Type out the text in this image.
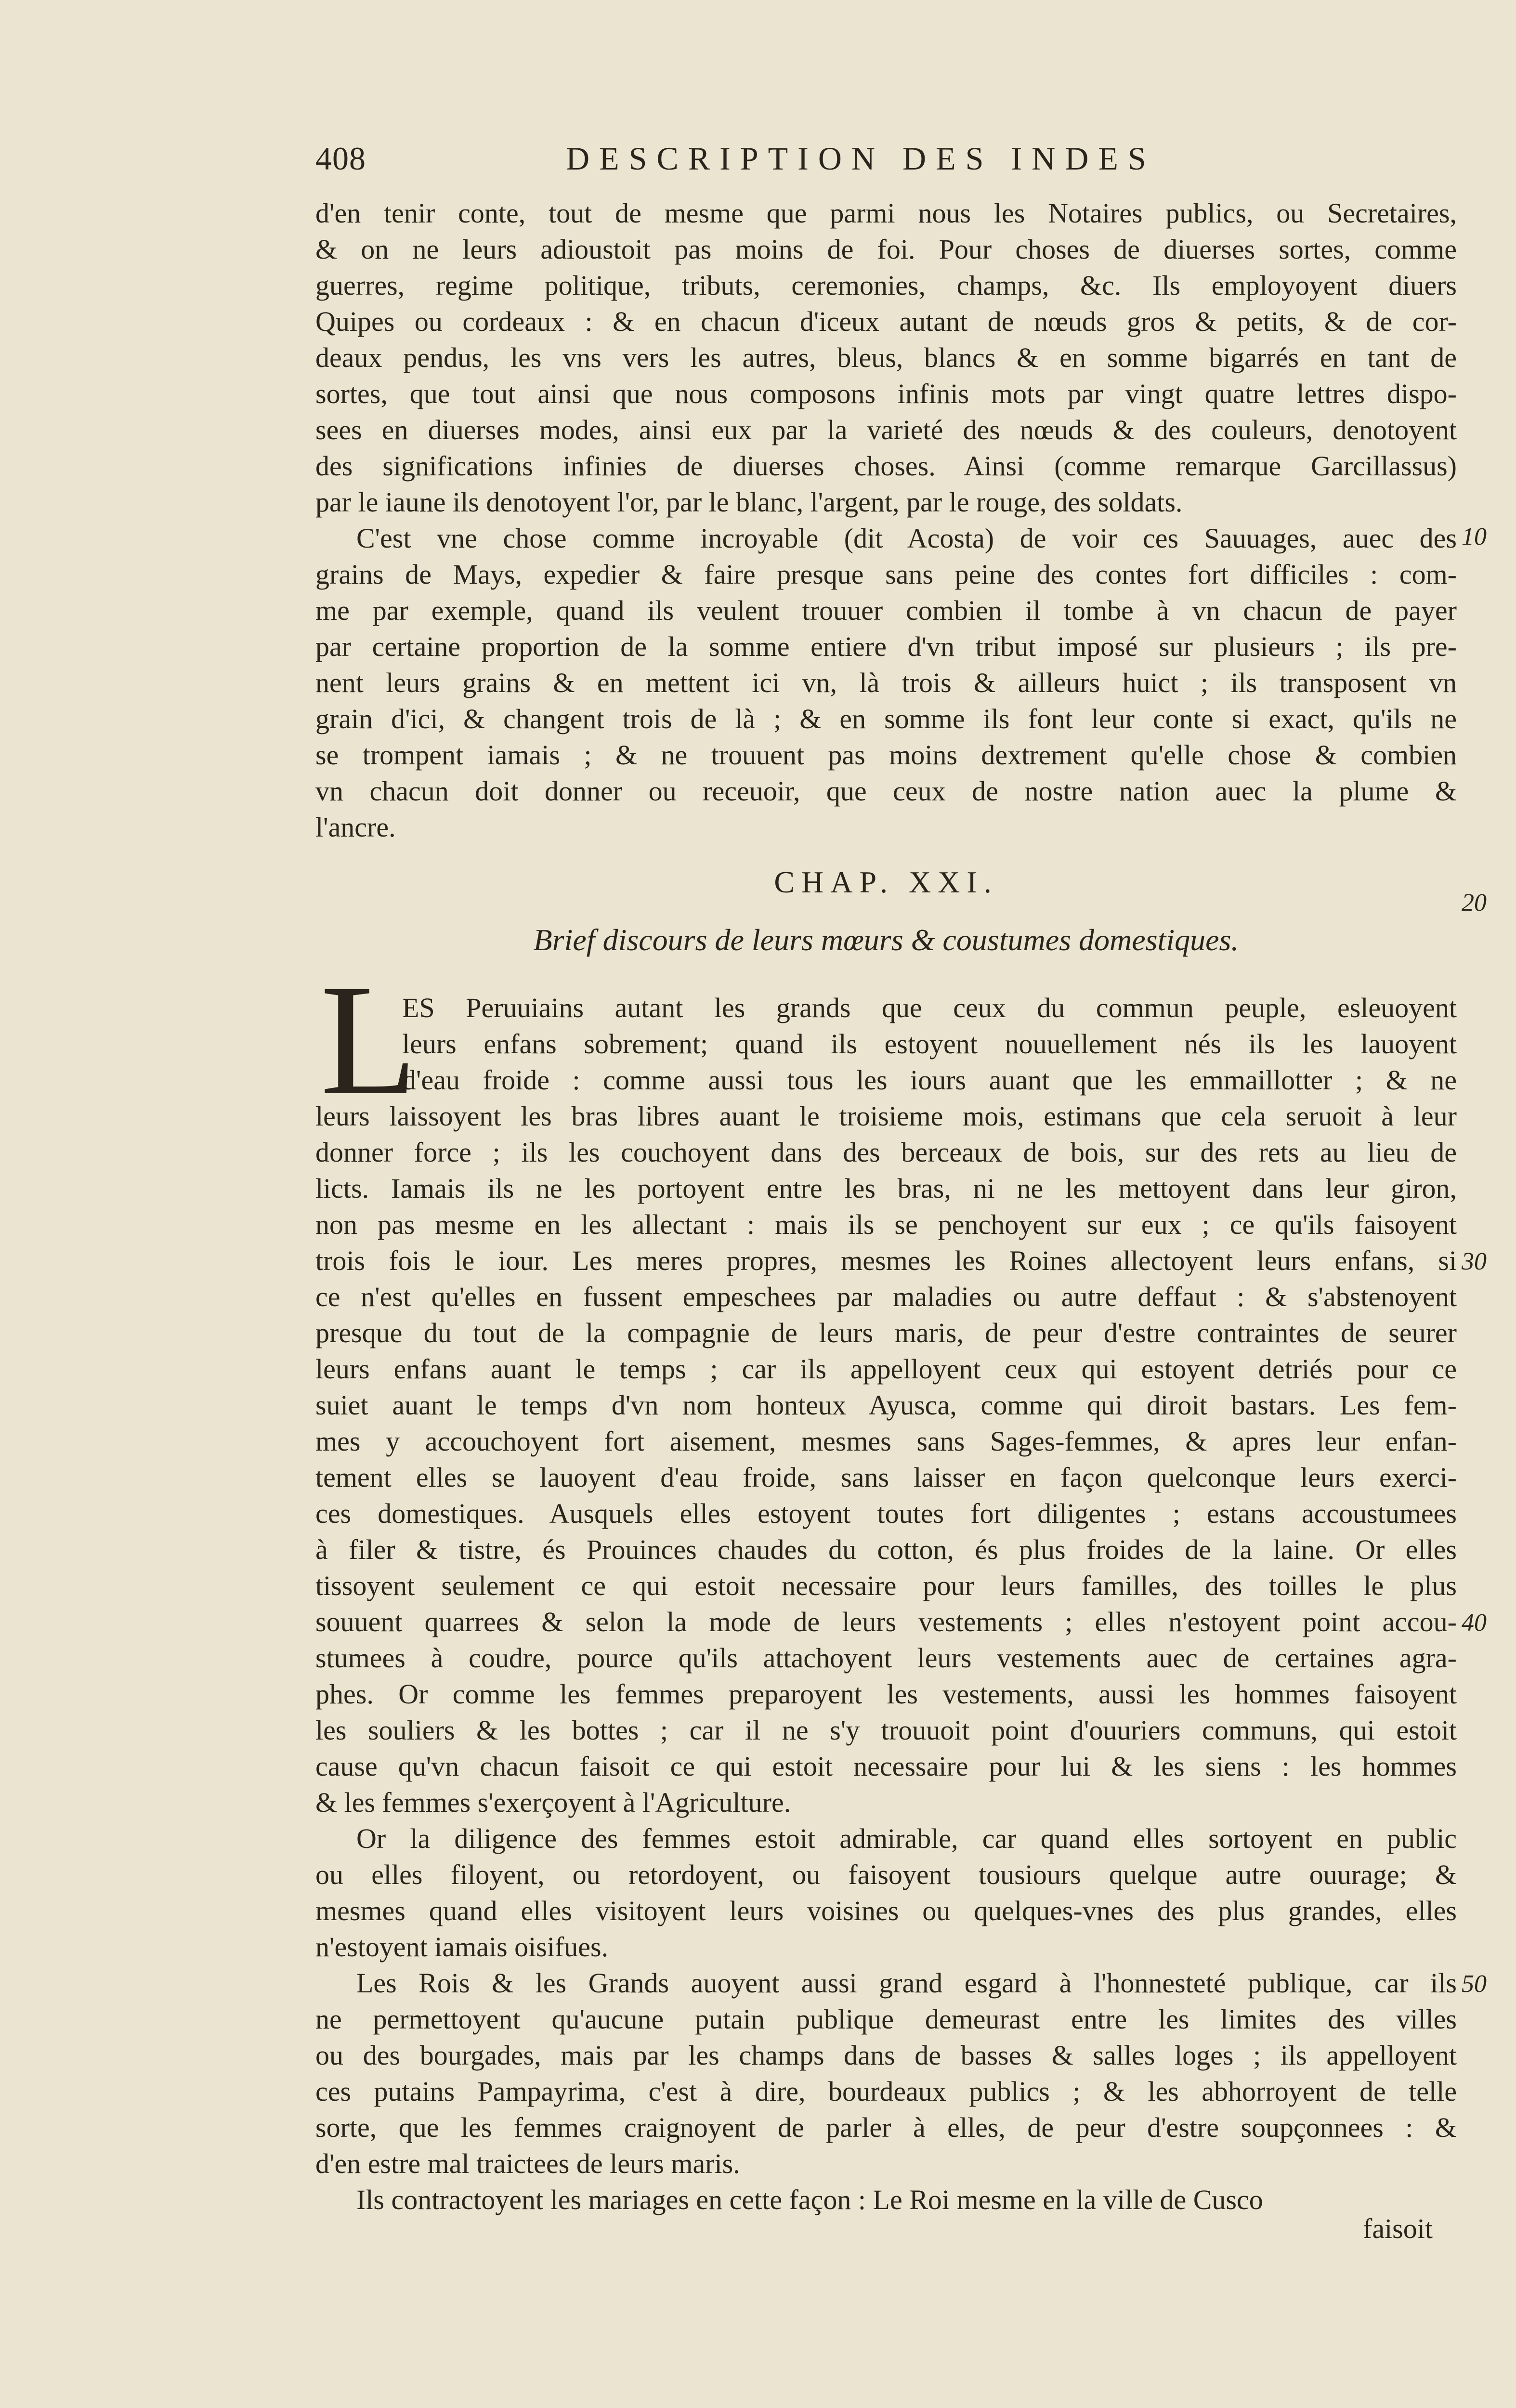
408	DESCRIPTION DES INDES
d'en tenir conte, tout de mesme que parmi nous les Notaires publics, ou Secretaires,
& on ne leurs adioustoit pas moins de foi. Pour choses de diuerses sortes, comme
guerres, regime politique, tributs, ceremonies, champs, &c. Ils employoyent diuers
Quipes ou cordeaux : & en chacun d'iceux autant de nœuds gros & petits, & de cor-
deaux pendus, les vns vers les autres, bleus, blancs & en somme bigarrés en tant de
sortes, que tout ainsi que nous composons infinis mots par vingt quatre lettres dispo-
sees en diuerses modes, ainsi eux par la varieté des nœuds & des couleurs, denotoyent
des significations infinies de diuerses choses. Ainsi (comme remarque Garcillassus)
par le iaune ils denotoyent l'or, par le blanc, l'argent, par le rouge, des soldats.
C'est vne chose comme incroyable (dit Acosta) de voir ces Sauuages, auec des
grains de Mays, expedier & faire presque sans peine des contes fort difficiles : com-
me par exemple, quand ils veulent trouuer combien il tombe à vn chacun de payer
par certaine proportion de la somme entiere d'vn tribut imposé sur plusieurs ; ils pre-
nent leurs grains & en mettent ici vn, là trois & ailleurs huict ; ils transposent vn
grain d'ici, & changent trois de là ; & en somme ils font leur conte si exact, qu'ils ne
se trompent iamais ; & ne trouuent pas moins dextrement qu'elle chose & combien
vn chacun doit donner ou receuoir, que ceux de nostre nation auec la plume &
l'ancre.
CHAP. XXI.
Brief discours de leurs mœurs & coustumes domestiques.
L
ES Peruuiains autant les grands que ceux du commun peuple, esleuoyent
leurs enfans sobrement; quand ils estoyent nouuellement nés ils les lauoyent
d'eau froide : comme aussi tous les iours auant que les emmaillotter ; & ne
leurs laissoyent les bras libres auant le troisieme mois, estimans que cela seruoit à leur
donner force ; ils les couchoyent dans des berceaux de bois, sur des rets au lieu de
licts. Iamais ils ne les portoyent entre les bras, ni ne les mettoyent dans leur giron,
non pas mesme en les allectant : mais ils se penchoyent sur eux ; ce qu'ils faisoyent
trois fois le iour. Les meres propres, mesmes les Roines allectoyent leurs enfans, si
ce n'est qu'elles en fussent empeschees par maladies ou autre deffaut : & s'abstenoyent
presque du tout de la compagnie de leurs maris, de peur d'estre contraintes de seurer
leurs enfans auant le temps ; car ils appelloyent ceux qui estoyent detriés pour ce
suiet auant le temps d'vn nom honteux Ayusca, comme qui diroit bastars. Les fem-
mes y accouchoyent fort aisement, mesmes sans Sages-femmes, & apres leur enfan-
tement elles se lauoyent d'eau froide, sans laisser en façon quelconque leurs exerci-
ces domestiques. Ausquels elles estoyent toutes fort diligentes ; estans accoustumees
à filer & tistre, és Prouinces chaudes du cotton, és plus froides de la laine. Or elles
tissoyent seulement ce qui estoit necessaire pour leurs familles, des toilles le plus
souuent quarrees & selon la mode de leurs vestements ; elles n'estoyent point accou-
stumees à coudre, pource qu'ils attachoyent leurs vestements auec de certaines agra-
phes. Or comme les femmes preparoyent les vestements, aussi les hommes faisoyent
les souliers & les bottes ; car il ne s'y trouuoit point d'ouuriers communs, qui estoit
cause qu'vn chacun faisoit ce qui estoit necessaire pour lui & les siens : les hommes
& les femmes s'exerçoyent à l'Agriculture.
Or la diligence des femmes estoit admirable, car quand elles sortoyent en public
ou elles filoyent, ou retordoyent, ou faisoyent tousiours quelque autre ouurage; &
mesmes quand elles visitoyent leurs voisines ou quelques-vnes des plus grandes, elles
n'estoyent iamais oisifues.
Les Rois & les Grands auoyent aussi grand esgard à l'honnesteté publique, car ils
ne permettoyent qu'aucune putain publique demeurast entre les limites des villes
ou des bourgades, mais par les champs dans de basses & salles loges ; ils appelloyent
ces putains Pampayrima, c'est à dire, bourdeaux publics ; & les abhorroyent de telle
sorte, que les femmes craignoyent de parler à elles, de peur d'estre soupçonnees : &
d'en estre mal traictees de leurs maris.
Ils contractoyent les mariages en cette façon : Le Roi mesme en la ville de Cusco
10
20
30
40
50
faisoit
